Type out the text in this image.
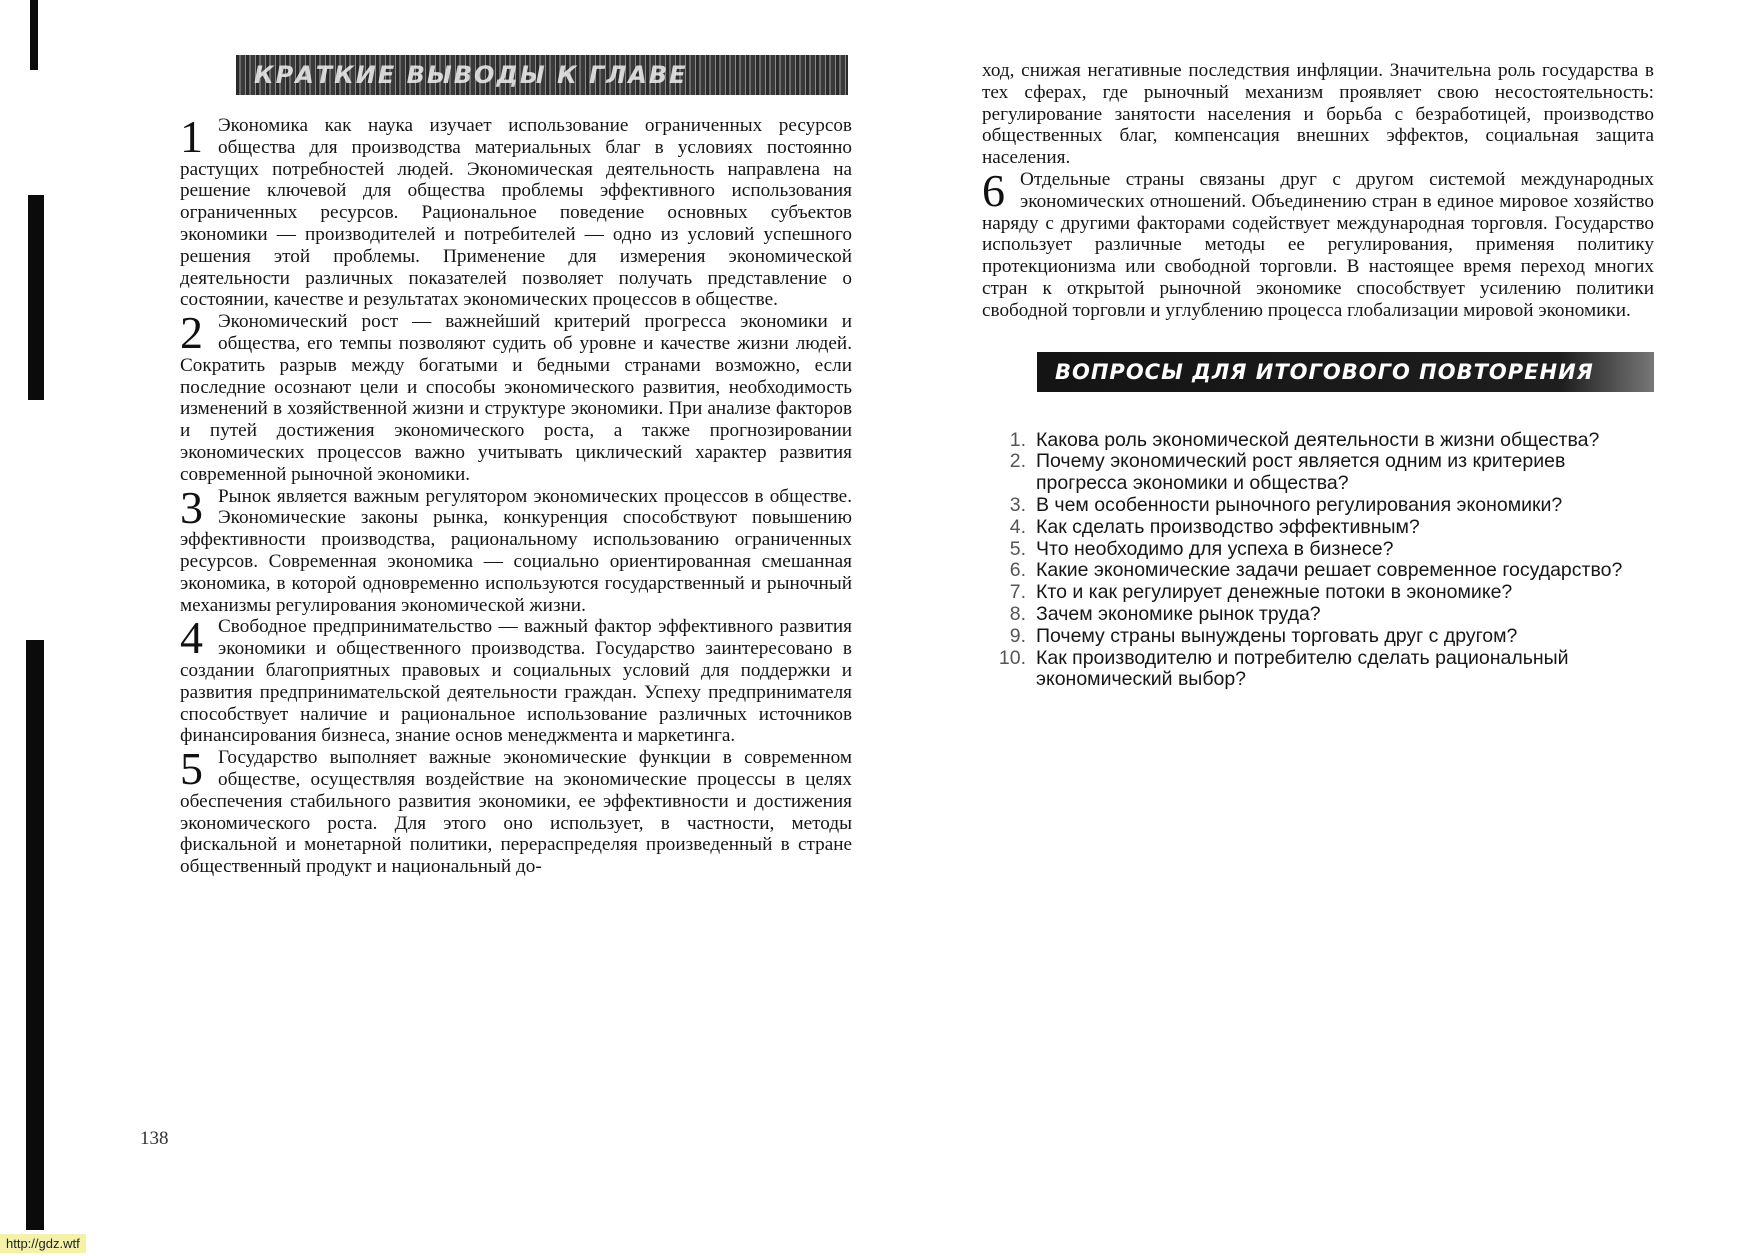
КРАТКИЕ ВЫВОДЫ К ГЛАВЕ

1 Экономика как наука изучает использование ограниченных ресурсов общества для производства материальных благ в условиях постоянно растущих потребностей людей. Экономическая деятельность направлена на решение ключевой для общества проблемы эффективного использования ограниченных ресурсов. Рациональное поведение основных субъектов экономики — производителей и потребителей — одно из условий успешного решения этой проблемы. Применение для измерения экономической деятельности различных показателей позволяет получать представление о состоянии, качестве и результатах экономических процессов в обществе.

2 Экономический рост — важнейший критерий прогресса экономики и общества, его темпы позволяют судить об уровне и качестве жизни людей. Сократить разрыв между богатыми и бедными странами возможно, если последние осознают цели и способы экономического развития, необходимость изменений в хозяйственной жизни и структуре экономики. При анализе факторов и путей достижения экономического роста, а также прогнозировании экономических процессов важно учитывать циклический характер развития современной рыночной экономики.

3 Рынок является важным регулятором экономических процессов в обществе. Экономические законы рынка, конкуренция способствуют повышению эффективности производства, рациональному использованию ограниченных ресурсов. Современная экономика — социально ориентированная смешанная экономика, в которой одновременно используются государственный и рыночный механизмы регулирования экономической жизни.

4 Свободное предпринимательство — важный фактор эффективного развития экономики и общественного производства. Государство заинтересовано в создании благоприятных правовых и социальных условий для поддержки и развития предпринимательской деятельности граждан. Успеху предпринимателя способствует наличие и рациональное использование различных источников финансирования бизнеса, знание основ менеджмента и маркетинга.

5 Государство выполняет важные экономические функции в современном обществе, осуществляя воздействие на экономические процессы в целях обеспечения стабильного развития экономики, ее эффективности и достижения экономического роста. Для этого оно использует, в частности, методы фискальной и монетарной политики, перераспределяя произведенный в стране общественный продукт и национальный до-

138

ход, снижая негативные последствия инфляции. Значительна роль государства в тех сферах, где рыночный механизм проявляет свою несостоятельность: регулирование занятости населения и борьба с безработицей, производство общественных благ, компенсация внешних эффектов, социальная защита населения.

6 Отдельные страны связаны друг с другом системой международных экономических отношений. Объединению стран в единое мировое хозяйство наряду с другими факторами содействует международная торговля. Государство использует различные методы ее регулирования, применяя политику протекционизма или свободной торговли. В настоящее время переход многих стран к открытой рыночной экономике способствует усилению политики свободной торговли и углублению процесса глобализации мировой экономики.

ВОПРОСЫ ДЛЯ ИТОГОВОГО ПОВТОРЕНИЯ
1. Какова роль экономической деятельности в жизни общества?
2. Почему экономический рост является одним из критериев прогресса экономики и общества?
3. В чем особенности рыночного регулирования экономики?
4. Как сделать производство эффективным?
5. Что необходимо для успеха в бизнесе?
6. Какие экономические задачи решает современное государство?
7. Кто и как регулирует денежные потоки в экономике?
8. Зачем экономике рынок труда?
9. Почему страны вынуждены торговать друг с другом?
10. Как производителю и потребителю сделать рациональный экономический выбор?
http://gdz.wtf
